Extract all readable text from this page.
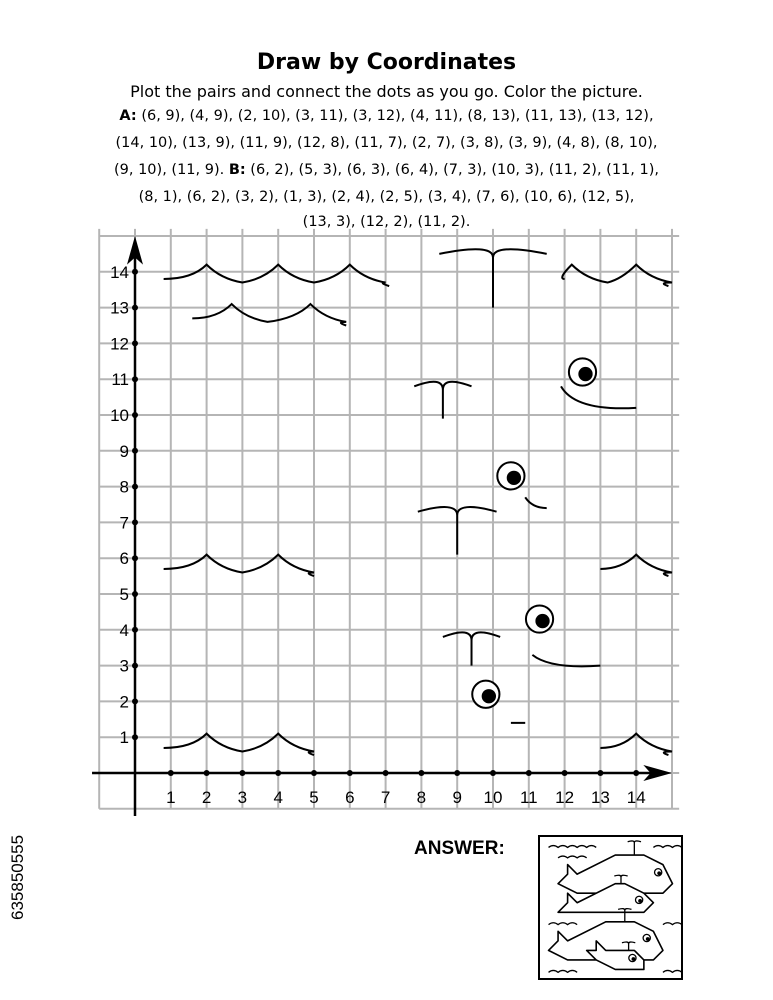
Draw by Coordinates
Plot the pairs and connect the dots as you go. Color the picture.
A: (6, 9), (4, 9), (2, 10), (3, 11), (3, 12), (4, 11), (8, 13), (11, 13), (13, 12),
(14, 10), (13, 9), (11, 9), (12, 8), (11, 7), (2, 7), (3, 8), (3, 9), (4, 8), (8, 10),
(9, 10), (11, 9). B: (6, 2), (5, 3), (6, 3), (6, 4), (7, 3), (10, 3), (11, 2), (11, 1),
(8, 1), (6, 2), (3, 2), (1, 3), (2, 4), (2, 5), (3, 4), (7, 6), (10, 6), (12, 5),
(13, 3), (12, 2), (11, 2).
1 2 3 4 5 6 7 8 9 10 11 12 13 14
1
2
3
4
5
6
7
8
9
10
11
12
13
14
ANSWER:
635850555
